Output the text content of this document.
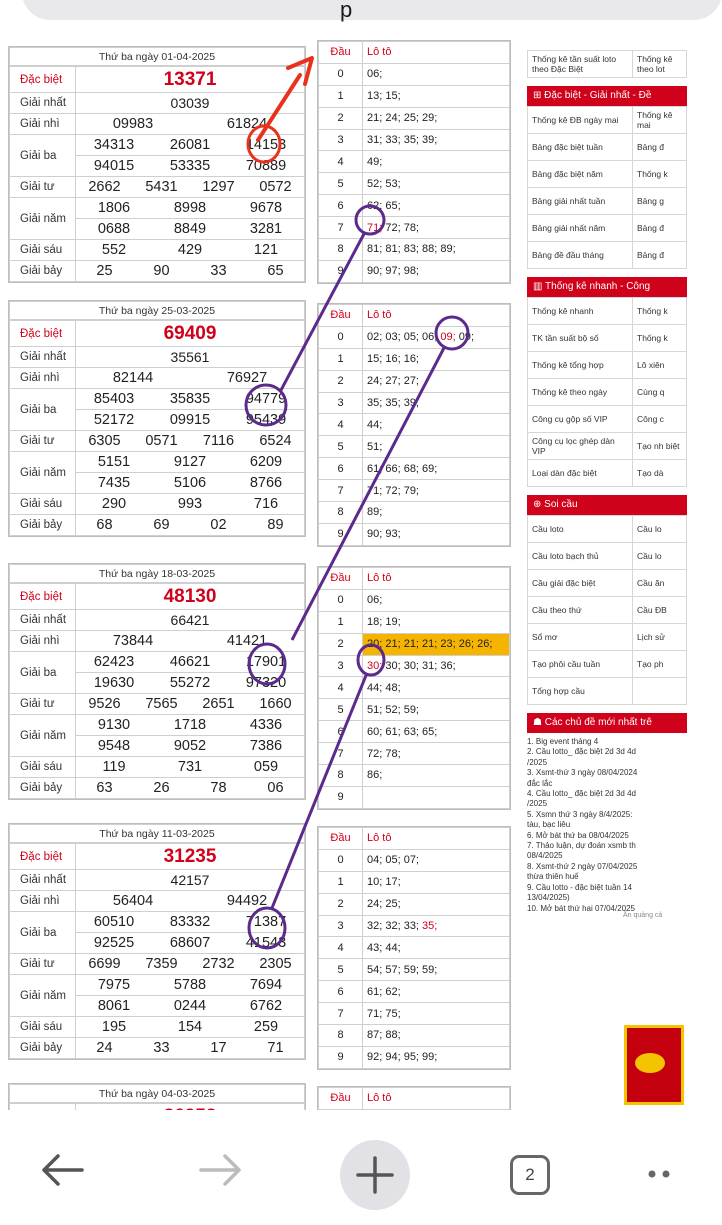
p
Thứ ba ngày 01-04-2025
Đặc biệt	13371
Giải nhất	03039
Giải nhì	09983 61824

Giải ba	34313 26081 14153

	94015 53335 70889

Giải tư	2662 5431 1297 0572

Giải năm	1806 8998 9678

	0688 8849 3281

Giải sáu	552 429 121

Giải bảy	25 90 33 65
Thứ ba ngày 25-03-2025
Đặc biệt	69409
Giải nhất	35561
Giải nhì	82144 76927

Giải ba	85403 35835 94779

	52172 09915 95439

Giải tư	6305 0571 7116 6524

Giải năm	5151 9127 6209

	7435 5106 8766

Giải sáu	290 993 716

Giải bảy	68 69 02 89
Thứ ba ngày 18-03-2025
Đặc biệt	48130
Giải nhất	66421
Giải nhì	73844 41421

Giải ba	62423 46621 17901

	19630 55272 97320

Giải tư	9526 7565 2651 1660

Giải năm	9130 1718 4336

	9548 9052 7386

Giải sáu	119 731 059

Giải bảy	63 26 78 06
Thứ ba ngày 11-03-2025
Đặc biệt	31235
Giải nhất	42157
Giải nhì	56404 94492

Giải ba	60510 83332 71387

	92525 68607 41543

Giải tư	6699 7359 2732 2305

Giải năm	7975 5788 7694

	8061 0244 6762

Giải sáu	195 154 259

Giải bảy	24 33 17 71
Thứ ba ngày 04-03-2025

Đầu	Lô tô
0	06;
1	13; 15;
2	21; 24; 25; 29;
3	31; 33; 35; 39;
4	49;
5	52; 53;
6	62; 65;
7	71; 72; 78;
8	81; 81; 83; 88; 89;
9	90; 97; 98;
Đầu	Lô tô
0	02; 03; 05; 06; 09; 09;
1	15; 16; 16;
2	24; 27; 27;
3	35; 35; 39;
4	44;
5	51;
6	61; 66; 68; 69;
7	71; 72; 79;
8	89;
9	90; 93;
Đầu	Lô tô
0	06;
1	18; 19;
2	20; 21; 21; 21; 23; 26; 26;
3	30; 30; 30; 31; 36;
4	44; 48;
5	51; 52; 59;
6	60; 61; 63; 65;
7	72; 78;
8	86;
9	
Đầu	Lô tô
0	04; 05; 07;
1	10; 17;
2	24; 25;
3	32; 32; 33; 35;
4	43; 44;
5	54; 57; 59; 59;
6	61; 62;
7	71; 75;
8	87; 88;
9	92; 94; 95; 99;
Đầu	Lô tô

Thống kê tần suất loto theo Đặc Biệt	Thống kê theo lot
⊞ Đặc biệt - Giải nhất - Đề
Thống kê ĐB ngày mai	Thống kê mai
Bảng đặc biệt tuần	Bảng đ
Bảng đặc biệt năm	Thống k
Bảng giải nhất tuần	Bảng g
Bảng giải nhất năm	Bảng đ
Bảng đề đầu tháng	Bảng đ
▥ Thống kê nhanh - Công
Thống kê nhanh	Thống k
TK tần suất bộ số	Thống k
Thống kê tổng hợp	Lô xiên
Thống kê theo ngày	Cùng q
Công cụ gộp số VIP	Công c
Công cụ lọc ghép dàn VIP	Tạo nh biệt
Loại dàn đặc biệt	Tạo dà
⊕ Soi cầu
Cầu loto	Cầu lo
Cầu loto bạch thủ	Cầu lo
Cầu giải đặc biệt	Cầu ăn
Cầu theo thứ	Cầu ĐB
Sổ mơ	Lịch sử
Tạo phôi cầu tuần	Tạo ph
Tổng hợp cầu	
☗ Các chủ đề mới nhất trê
1. Big event tháng 4
2. Cầu lotto_ đặc biệt 2d 3d 4d
/2025
3. Xsmt-thứ 3 ngày 08/04/2024
đắc lắc
4. Cầu lotto_ đặc biệt 2d 3d 4d
/2025
5. Xsmn thứ 3 ngày 8/4/2025:
tàu, bạc liêu
6. Mở bát thứ ba 08/04/2025
7. Thảo luận, dự đoán xsmb th
08/4/2025
8. Xsmt-thứ 2 ngày 07/04/2025
thừa thiên huế
9. Cầu lotto - đặc biệt tuần 14
13/04/2025)
10. Mở bát thứ hai 07/04/2025
Ẩn quảng cá
2
